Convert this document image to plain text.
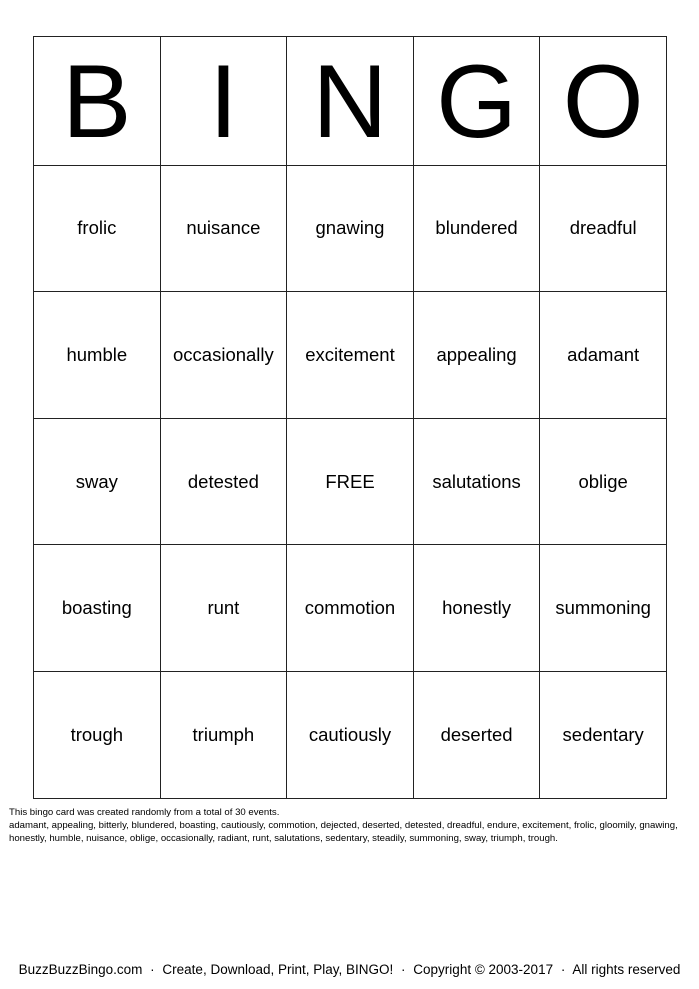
B	I	N	G	O
frolic	nuisance	gnawing	blundered	dreadful
humble	occasionally	excitement	appealing	adamant
sway	detested	FREE	salutations	oblige
boasting	runt	commotion	honestly	summoning
trough	triumph	cautiously	deserted	sedentary

This bingo card was created randomly from a total of 30 events.

adamant, appealing, bitterly, blundered, boasting, cautiously, commotion, dejected, deserted, detested, dreadful, endure, excitement, frolic, gloomily, gnawing, honestly, humble, nuisance, oblige, occasionally, radiant, runt, salutations, sedentary, steadily, summoning, sway, triumph, trough.

BuzzBuzzBingo.com · Create, Download, Print, Play, BINGO! · Copyright © 2003-2017 · All rights reserved
